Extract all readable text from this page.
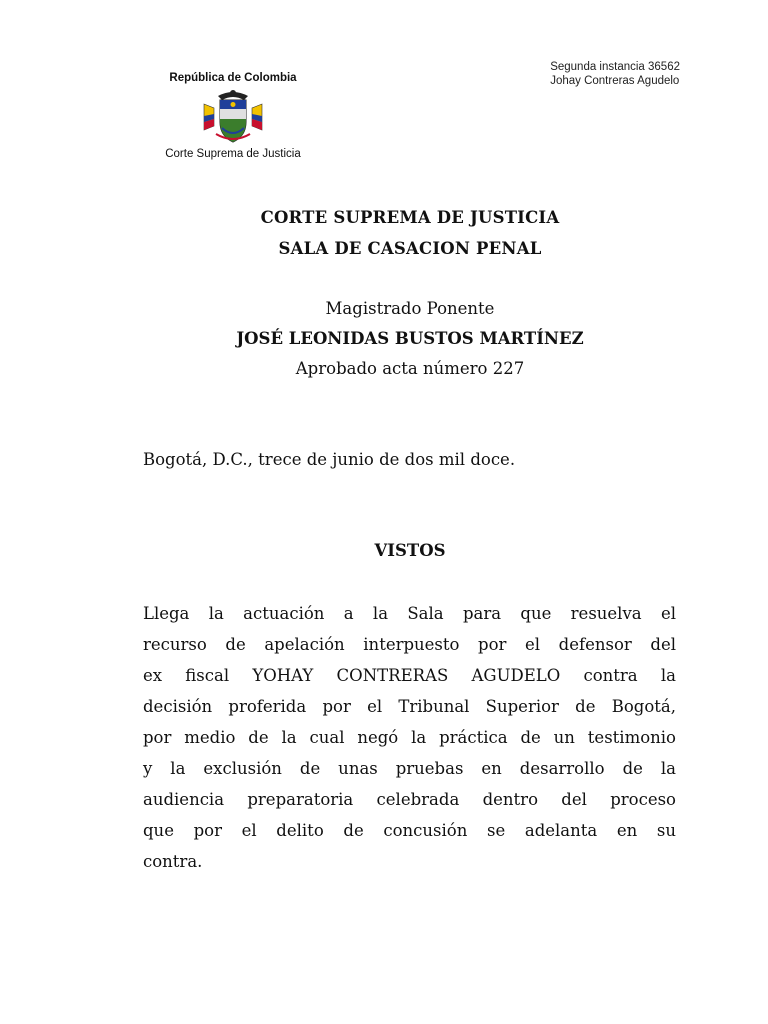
Segunda instancia 36562
Johay Contreras Agudelo
República de Colombia
Corte Suprema de Justicia
CORTE SUPREMA DE JUSTICIA
SALA DE CASACION PENAL
Magistrado Ponente
JOSÉ LEONIDAS BUSTOS MARTÍNEZ
Aprobado acta número 227
Bogotá, D.C., trece de junio de dos mil doce.
VISTOS
Llega la actuación a la Sala para que resuelva el
recurso de apelación interpuesto por el defensor del
ex fiscal YOHAY CONTRERAS AGUDELO contra la
decisión proferida por el Tribunal Superior de Bogotá,
por medio de la cual negó la práctica de un testimonio
y la exclusión de unas pruebas en desarrollo de la
audiencia preparatoria celebrada dentro del proceso
que por el delito de concusión se adelanta en su
contra.
